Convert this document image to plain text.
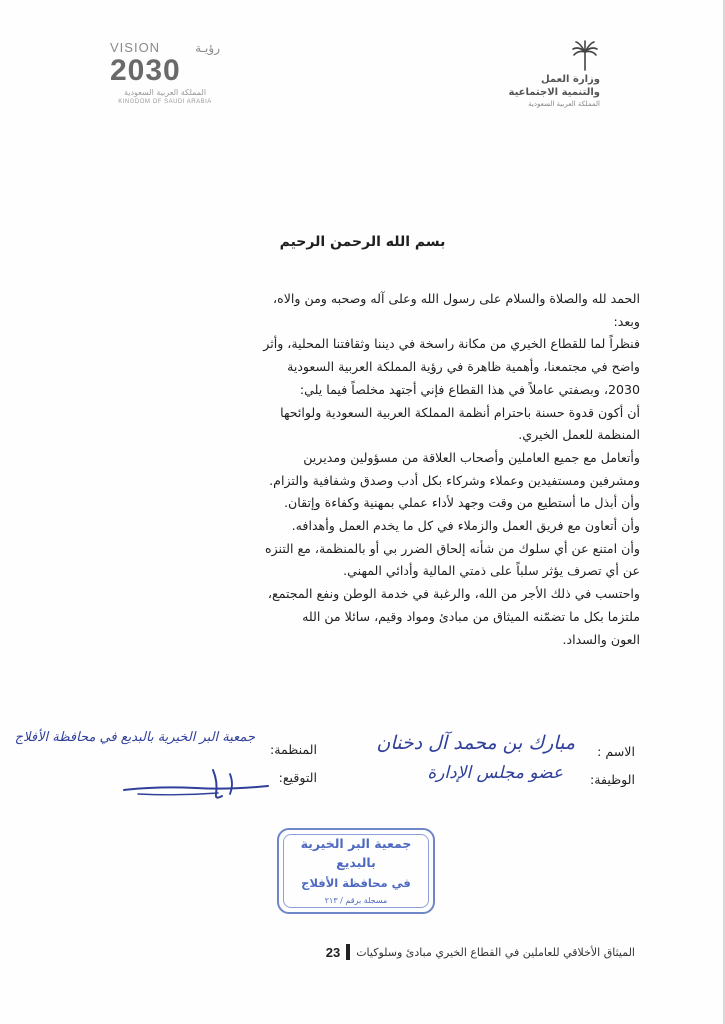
VISION	رؤيـة
2030
المملكة العربية السعودية
KINGDOM OF SAUDI ARABIA
وزارة العمل
والتنمية الاجتماعية
المملكة العربية السعودية
بسم الله الرحمن الرحيم

الحمد لله والصلاة والسلام على رسول الله وعلى آله وصحبه ومن والاه،

وبعد:

فنظراً لما للقطاع الخيري من مكانة راسخة في ديننا وثقافتنا المحلية، وأثر

واضح في مجتمعنا، وأهمية ظاهرة في رؤية المملكة العربية السعودية

2030، وبصفتي عاملاً في هذا القطاع فإني أجتهد مخلصاً فيما يلي:

أن أكون قدوة حسنة باحترام أنظمة المملكة العربية السعودية ولوائحها

المنظمة للعمل الخيري.

وأتعامل مع جميع العاملين وأصحاب العلاقة من مسؤولين ومديرين

ومشرفين ومستفيدين وعملاء وشركاء بكل أدب وصدق وشفافية والتزام.

وأن أبذل ما أستطيع من وقت وجهد لأداء عملي بمهنية وكفاءة وإتقان.

وأن أتعاون مع فريق العمل والزملاء في كل ما يخدم العمل وأهدافه.

وأن امتنع عن أي سلوك من شأنه إلحاق الضرر بي أو بالمنظمة، مع التنزه

عن أي تصرف يؤثر سلباً على ذمتي المالية وأدائي المهني.

واحتسب في ذلك الأجر من الله، والرغبة في خدمة الوطن ونفع المجتمع،

ملتزما بكل ما تضمّنه الميثاق من مبادئ ومواد وقيم، سائلا من الله

العون والسداد.

الاسم :
مبارك بن محمد آل دخنان
الوظيفة:
عضو مجلس الإدارة
المنظمة:
جمعية البر الخيرية بالبديع في محافظة الأفلاج
التوقيع:
جمعية البر الخيرية
بالبديع
في محافظة الأفلاج
مسجلة برقم / ٢١٣
الميثاق الأخلاقي للعاملين في القطاع الخيري مبادئ وسلوكيات
23
